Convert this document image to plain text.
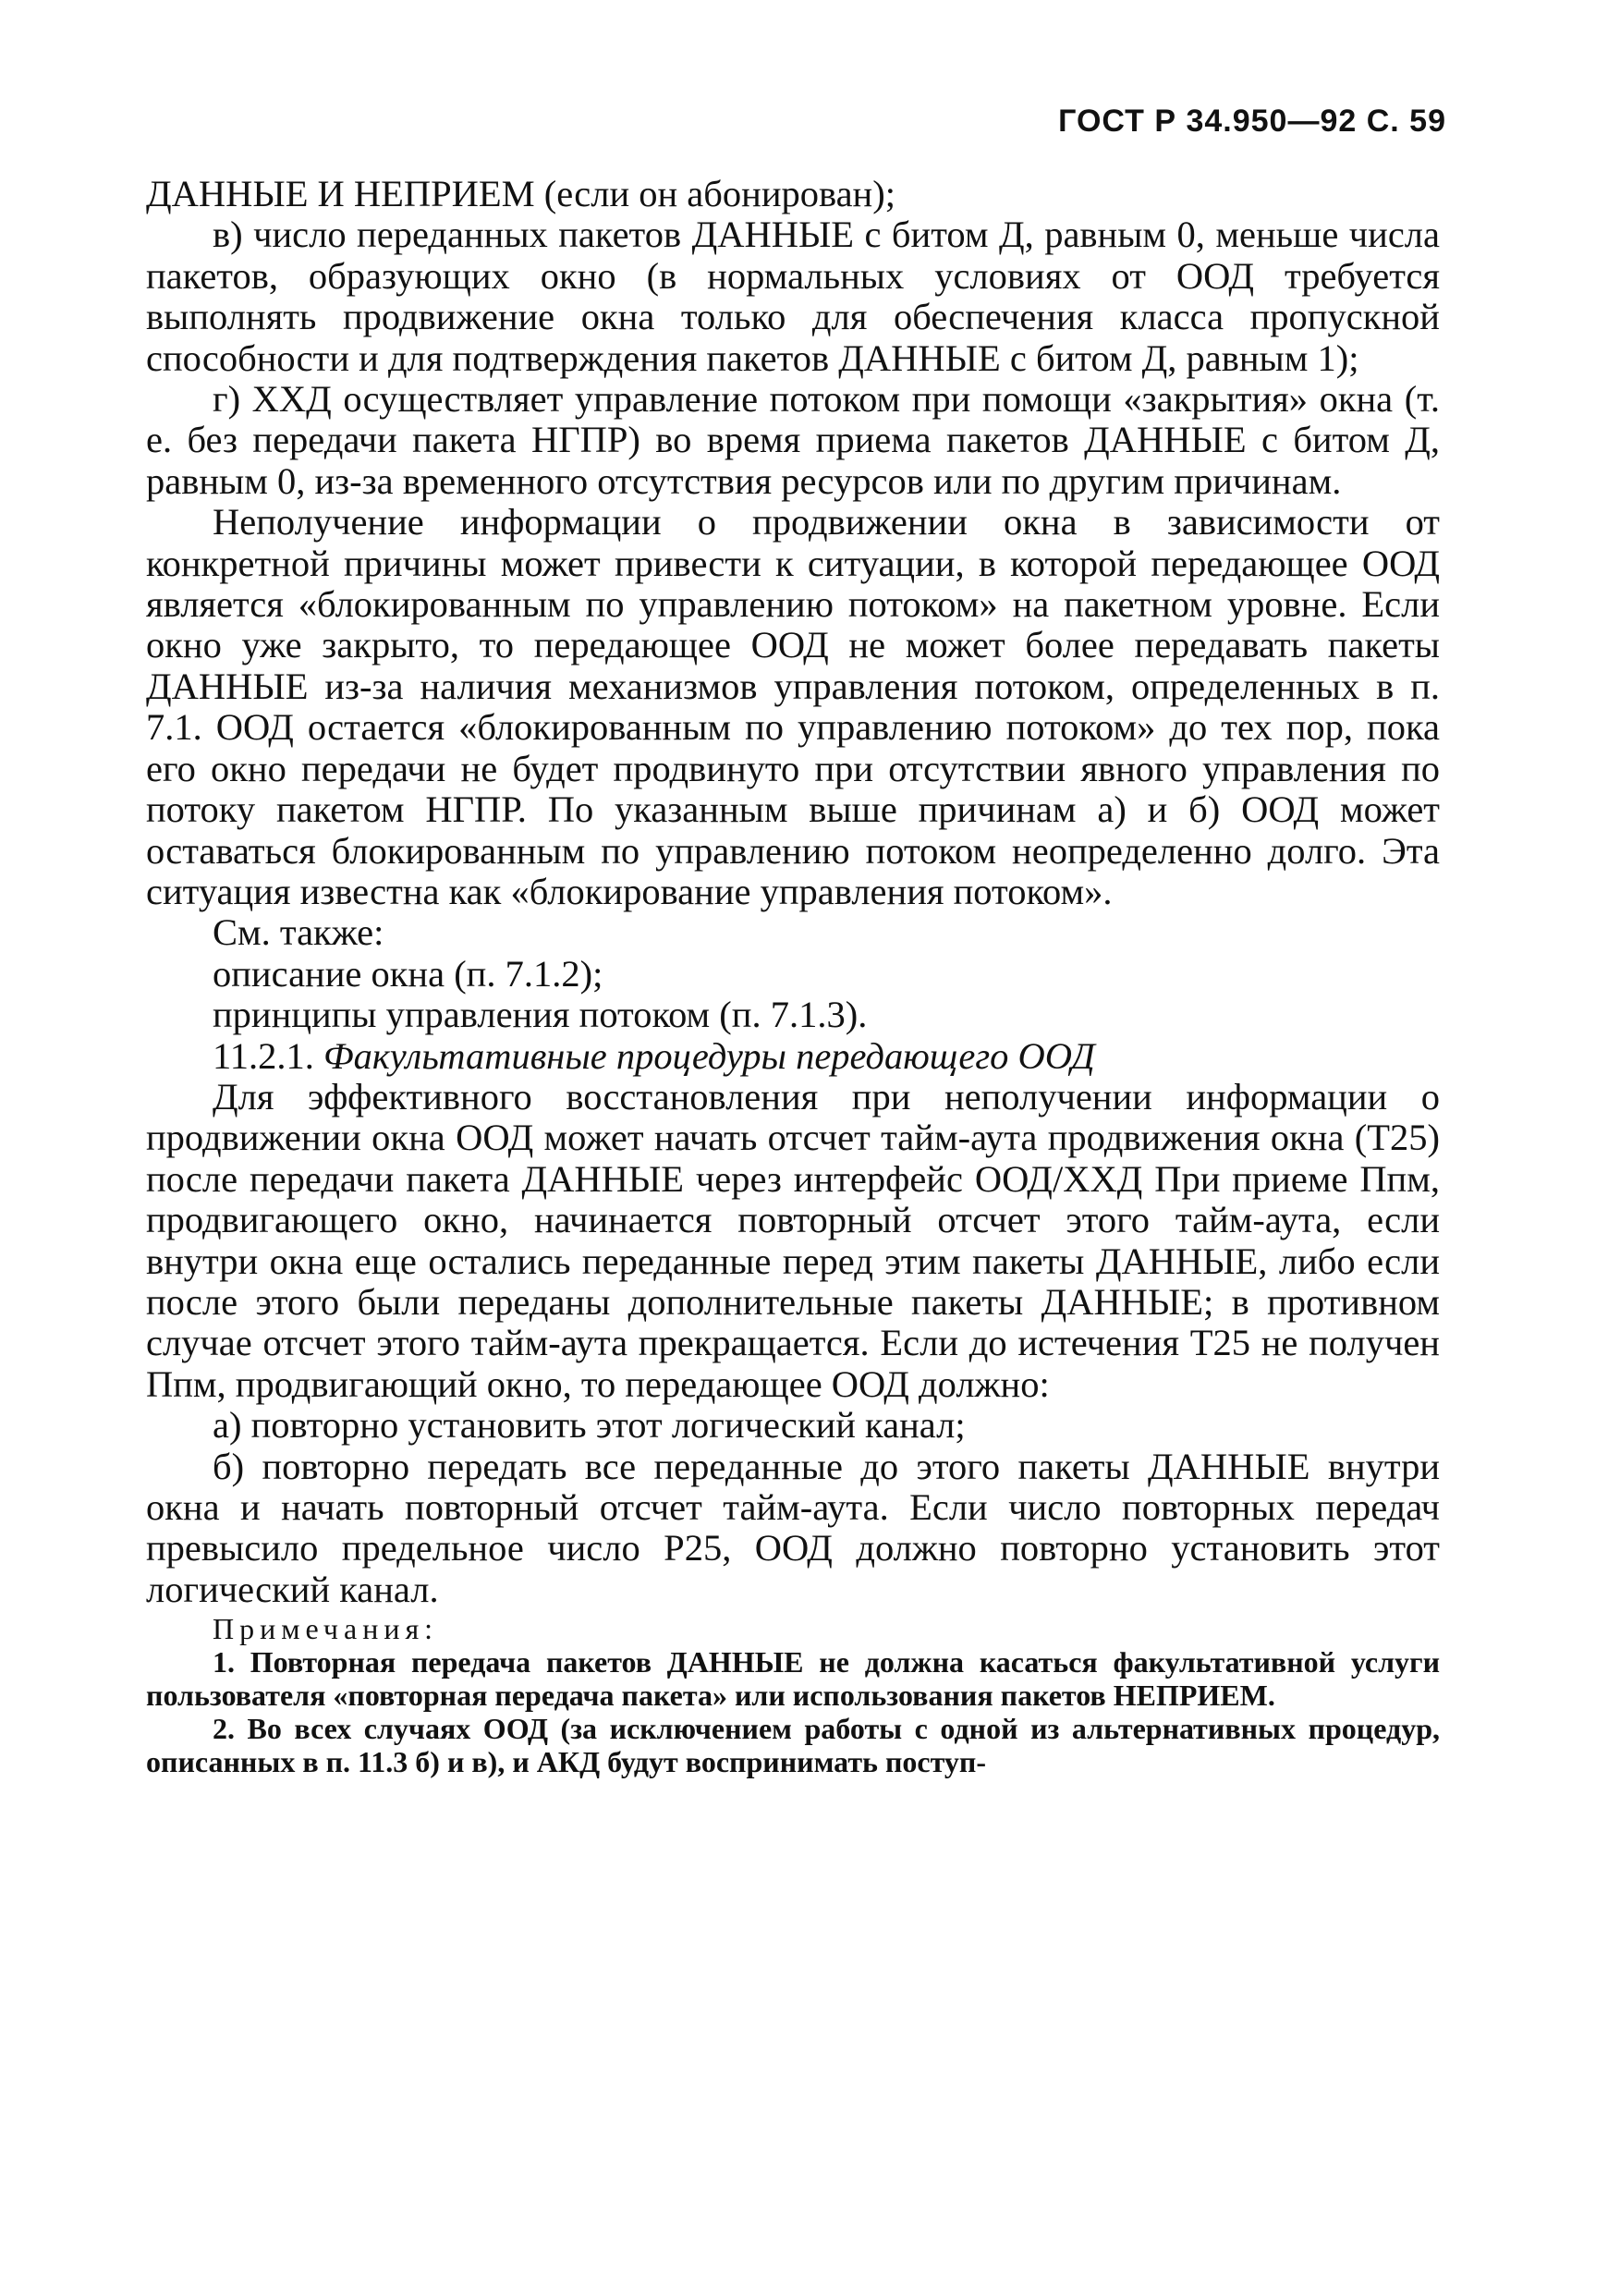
ГОСТ Р 34.950—92 С. 59

ДАННЫЕ И НЕПРИЕМ (если он абонирован);

в) число переданных пакетов ДАННЫЕ с битом Д, равным 0, меньше числа пакетов, образующих окно (в нормальных условиях от ООД требуется выполнять продвижение окна только для обеспечения класса пропускной способности и для подтверждения пакетов ДАННЫЕ с битом Д, равным 1);

г) ХХД осуществляет управление потоком при помощи «закрытия» окна (т. е. без передачи пакета НГПР) во время приема пакетов ДАННЫЕ с битом Д, равным 0, из-за временного отсутствия ресурсов или по другим причинам.

Неполучение информации о продвижении окна в зависимости от конкретной причины может привести к ситуации, в которой передающее ООД является «блокированным по управлению потоком» на пакетном уровне. Если окно уже закрыто, то передающее ООД не может более передавать пакеты ДАННЫЕ из-за наличия механизмов управления потоком, определенных в п. 7.1. ООД остается «блокированным по управлению потоком» до тех пор, пока его окно передачи не будет продвинуто при отсутствии явного управления по потоку пакетом НГПР. По указанным выше причинам а) и б) ООД может оставаться блокированным по управлению потоком неопределенно долго. Эта ситуация известна как «блокирование управления потоком».

См. также:

описание окна (п. 7.1.2);

принципы управления потоком (п. 7.1.3).

11.2.1. Факультативные процедуры передающего ООД

Для эффективного восстановления при неполучении информации о продвижении окна ООД может начать отсчет тайм-аута продвижения окна (Т25) после передачи пакета ДАННЫЕ через интерфейс ООД/ХХД При приеме Ппм, продвигающего окно, начинается повторный отсчет этого тайм-аута, если внутри окна еще остались переданные перед этим пакеты ДАННЫЕ, либо если после этого были переданы дополнительные пакеты ДАННЫЕ; в противном случае отсчет этого тайм-аута прекращается. Если до истечения Т25 не получен Ппм, продвигающий окно, то передающее ООД должно:

а) повторно установить этот логический канал;

б) повторно передать все переданные до этого пакеты ДАННЫЕ внутри окна и начать повторный отсчет тайм-аута. Если число повторных передач превысило предельное число Р25, ООД должно повторно установить этот логический канал.

Примечания:

1. Повторная передача пакетов ДАННЫЕ не должна касаться факультативной услуги пользователя «повторная передача пакета» или использования пакетов НЕПРИЕМ.

2. Во всех случаях ООД (за исключением работы с одной из альтернативных процедур, описанных в п. 11.3 б) и в), и АКД будут воспринимать поступ-
